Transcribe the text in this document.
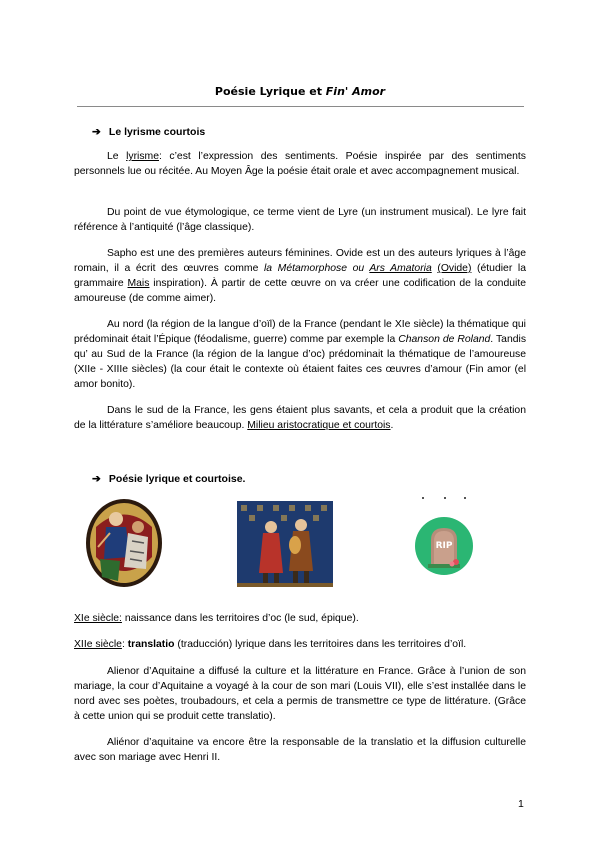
Poésie Lyrique et Fin' Amor
➔ Le lyrisme courtois
Le lyrisme: c’est l’expression des sentiments. Poésie inspirée par des sentiments personnels lue ou récitée. Au Moyen Âge la poésie était orale et avec accompagnement musical.
Du point de vue étymologique, ce terme vient de Lyre (un instrument musical). Le lyre fait référence à l’antiquité (l’âge classique).
Sapho est une des premières auteurs féminines. Ovide est un des auteurs lyriques à l’âge romain, il a écrit des œuvres comme la Métamorphose ou Ars Amatoria (Ovide) (étudier la grammaire Mais inspiration). À partir de cette œuvre on va créer une codification de la conduite amoureuse (de comme aimer).
Au nord (la région de la langue d’oïl) de la France (pendant le XIe siècle) la thématique qui prédominait était l’Épique (féodalisme, guerre) comme par exemple la Chanson de Roland. Tandis qu’ au Sud de la France (la région de la langue d’oc) prédominait la thématique de l’amoureuse (XIIe - XIIIe siècles) (la cour était le contexte où étaient faites ces œuvres d’amour (Fin amor (el amor bonito).
Dans le sud de la France, les gens étaient plus savants, et cela a produit que la création de la littérature s’améliore beaucoup. Milieu aristocratique et courtois.
➔ Poésie lyrique et courtoise.
RIP
XIe siècle: naissance dans les territoires d’oc (le sud, épique).
XIIe siècle: translatio (traducción) lyrique dans les territoires dans les territoires d’oïl.
Alienor d’Aquitaine a diffusé la culture et la littérature en France. Grâce à l’union de son mariage, la cour d’Aquitaine a voyagé à la cour de son mari (Louis VII), elle s’est installée dans le nord avec ses poètes, troubadours, et cela a permis de transmettre ce type de littérature. (Grâce à cette union qui se produit cette translatio).
Aliénor d’aquitaine va encore être la responsable de la translatio et la diffusion culturelle avec son mariage avec Henri II.
1
